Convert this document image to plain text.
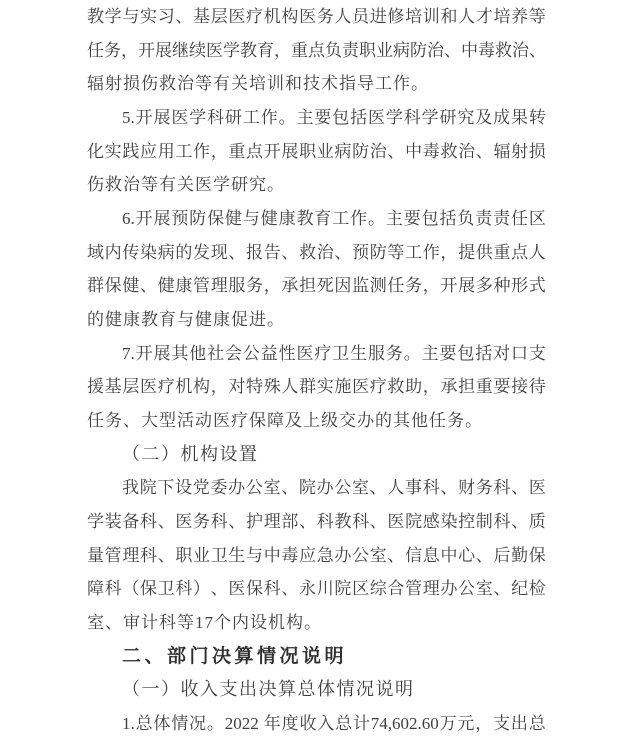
教 学 与 实 习 、 基 层 医 疗 机 构 医 务 人 员 进 修 培 训 和 人 才 培 养 等
任 务 ， 开 展 继 续 医 学 教 育 ， 重 点 负 责 职 业 病 防 治 、 中 毒 救 治 、
辐射损伤救治等有关培训和技术指导工作。
5. 开 展 医 学 科 研 工 作 。 主 要 包 括 医 学 科 学 研 究 及 成 果 转
化 实 践 应 用 工 作 ， 重 点 开 展 职 业 病 防 治 、 中 毒 救 治 、 辐 射 损
伤救治等有关医学研究。
6. 开 展 预 防 保 健 与 健 康 教 育 工 作 。 主 要 包 括 负 责 责 任 区
域 内 传 染 病 的 发 现 、 报 告 、 救 治 、 预 防 等 工 作 ， 提 供 重 点 人
群 保 健 、 健 康 管 理 服 务 ， 承 担 死 因 监 测 任 务 ， 开 展 多 种 形 式
的健康教育与健康促进。
7. 开 展 其 他 社 会 公 益 性 医 疗 卫 生 服 务 。 主 要 包 括 对 口 支
援 基 层 医 疗 机 构 ， 对 特 殊 人 群 实 施 医 疗 救 助 ， 承 担 重 要 接 待
任务、大型活动医疗保障及上级交办的其他任务。
（二）机构设置
我 院 下 设 党 委 办 公 室 、 院 办 公 室 、 人 事 科 、 财 务 科 、 医
学 装 备 科 、 医 务 科 、 护 理 部 、 科 教 科 、 医 院 感 染 控 制 科 、 质
量 管 理 科 、 职 业 卫 生 与 中 毒 应 急 办 公 室 、 信 息 中 心 、 后 勤 保
障 科 （ 保 卫 科 ） 、 医 保 科 、 永 川 院 区 综 合 管 理 办 公 室 、 纪 检
室、审计科等17个内设机构。
二、部门决算情况说明
（一）收入支出决算总体情况说明
1. 总 体 情 况 。 2022 年 度 收 入 总 计 74,602.60 万 元 ， 支 出 总
